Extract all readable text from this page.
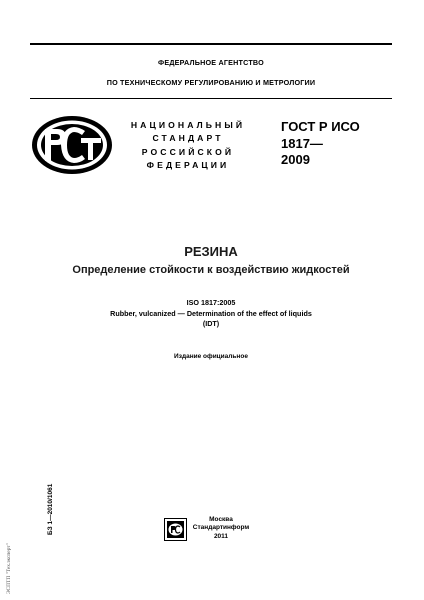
ФЕДЕРАЛЬНОЕ АГЕНТСТВО
ПО ТЕХНИЧЕСКОМУ РЕГУЛИРОВАНИЮ И МЕТРОЛОГИИ
НАЦИОНАЛЬНЫЙ
СТАНДАРТ
РОССИЙСКОЙ
ФЕДЕРАЦИИ
ГОСТ Р ИСО
1817—
2009
РЕЗИНА
Определение стойкости к воздействию жидкостей
ISO 1817:2005
Rubber, vulcanized — Determination of the effect of liquids
(IDT)
Издание официальное
БЗ 1—2010/1061
ЭСПТП "Тех.эксперт"
Москва
Стандартинформ
2011
